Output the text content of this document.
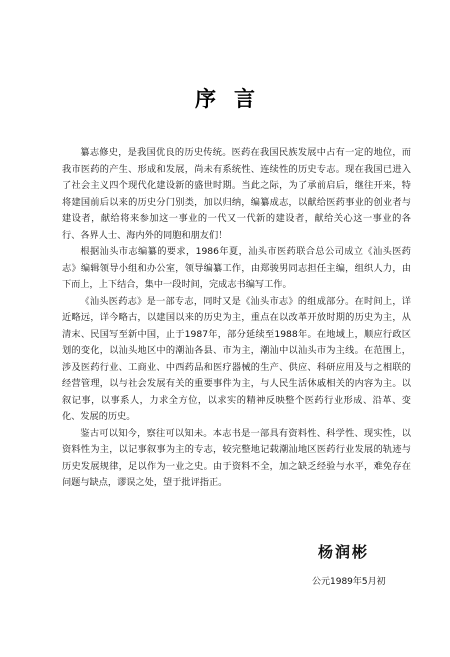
序言

纂志修史，是我国优良的历史传统。医药在我国民族发展中占有一定的地位，而我市医药的产生、形成和发展，尚未有系统性、连续性的历史专志。现在我国已进入了社会主义四个现代化建设新的盛世时期。当此之际，为了承前启后，继往开来，特将建国前后以来的历史分门别类，加以归纳，编纂成志，以献给医药事业的创业者与建设者，献给将来参加这一事业的一代又一代新的建设者，献给关心这一事业的各行、各界人士、海内外的同胞和朋友们！

根据汕头市志编纂的要求，1986年夏，汕头市医药联合总公司成立《汕头医药志》编辑领导小组和办公室，领导编纂工作，由郑骏男同志担任主编，组织人力，由下而上，上下结合，集中一段时间，完成志书编写工作。

《汕头医药志》是一部专志，同时又是《汕头市志》的组成部分。在时间上，详近略远，详今略古，以建国以来的历史为主，重点在以改革开放时期的历史为主，从清末、民国写至新中国，止于1987年，部分延续至1988年。在地域上，顺应行政区划的变化，以汕头地区中的潮汕各县、市为主，潮汕中以汕头市为主线。在范围上，涉及医药行业、工商业、中西药品和医疗器械的生产、供应、科研应用及与之相联的经营管理，以与社会发展有关的重要事件为主，与人民生活休戚相关的内容为主。以叙记事，以事系人，力求全方位，以求实的精神反映整个医药行业形成、沿革、变化、发展的历史。

鉴古可以知今，察往可以知未。本志书是一部具有资料性、科学性、现实性，以资料性为主，以记事叙事为主的专志，较完整地记载潮汕地区医药行业发展的轨迹与历史发展规律，足以作为一业之史。由于资料不全，加之缺乏经验与水平，难免存在问题与缺点，谬误之处，望于批评指正。

杨润彬
公元1989年5月初
